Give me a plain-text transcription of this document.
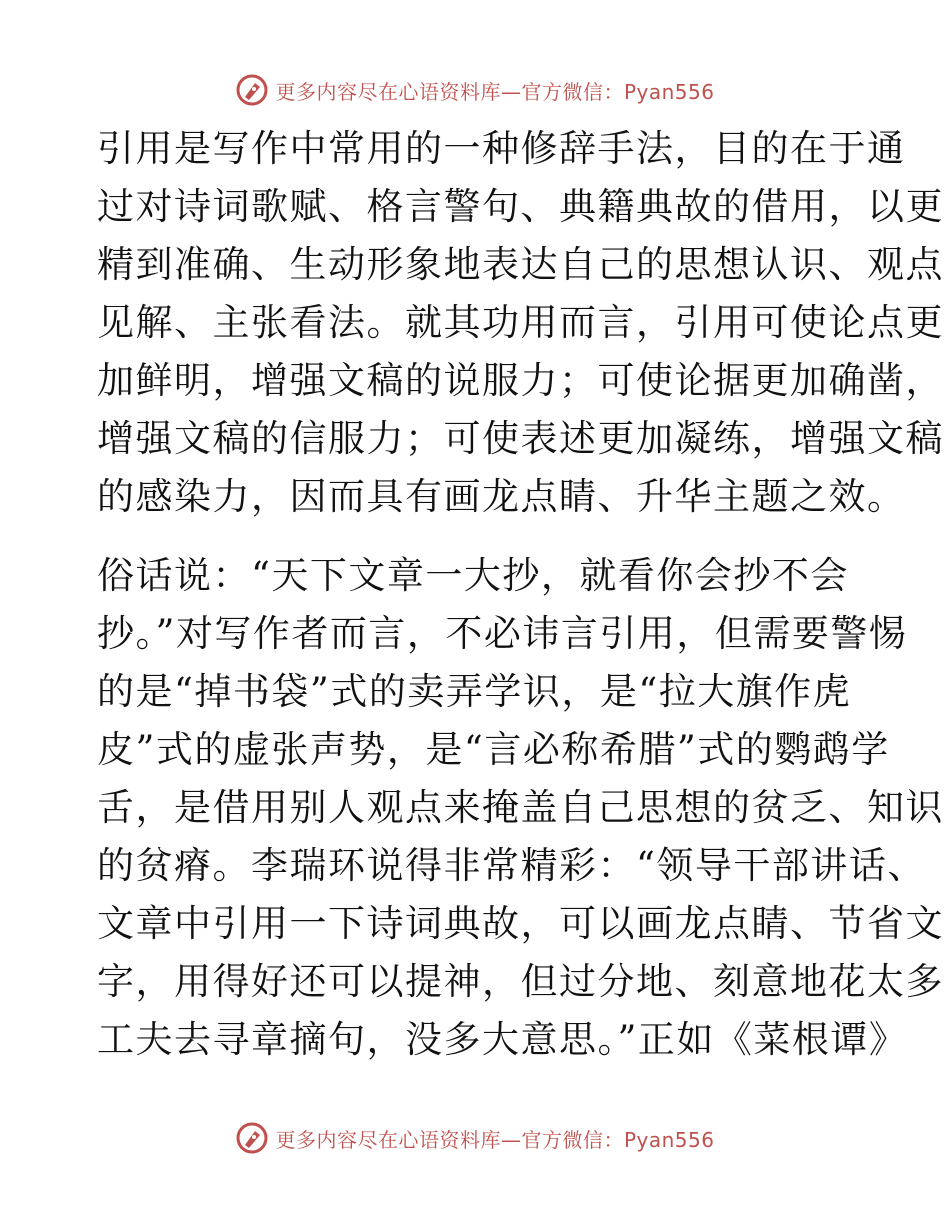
更多内容尽在心语资料库—官方微信：Pyan556
引用是写作中常用的一种修辞手法，目的在于通
过对诗词歌赋、格言警句、典籍典故的借用，以更
精到准确、生动形象地表达自己的思想认识、观点
见解、主张看法。就其功用而言，引用可使论点更
加鲜明，增强文稿的说服力；可使论据更加确凿，
增强文稿的信服力；可使表述更加凝练，增强文稿
的感染力，因而具有画龙点睛、升华主题之效。
俗话说：“天下文章一大抄，就看你会抄不会
抄。”对写作者而言，不必讳言引用，但需要警惕
的是“掉书袋”式的卖弄学识，是“拉大旗作虎
皮”式的虚张声势，是“言必称希腊”式的鹦鹉学
舌，是借用别人观点来掩盖自己思想的贫乏、知识
的贫瘠。李瑞环说得非常精彩：“领导干部讲话、
文章中引用一下诗词典故，可以画龙点睛、节省文
字，用得好还可以提神，但过分地、刻意地花太多
工夫去寻章摘句，没多大意思。”正如《菜根谭》
更多内容尽在心语资料库—官方微信：Pyan556
